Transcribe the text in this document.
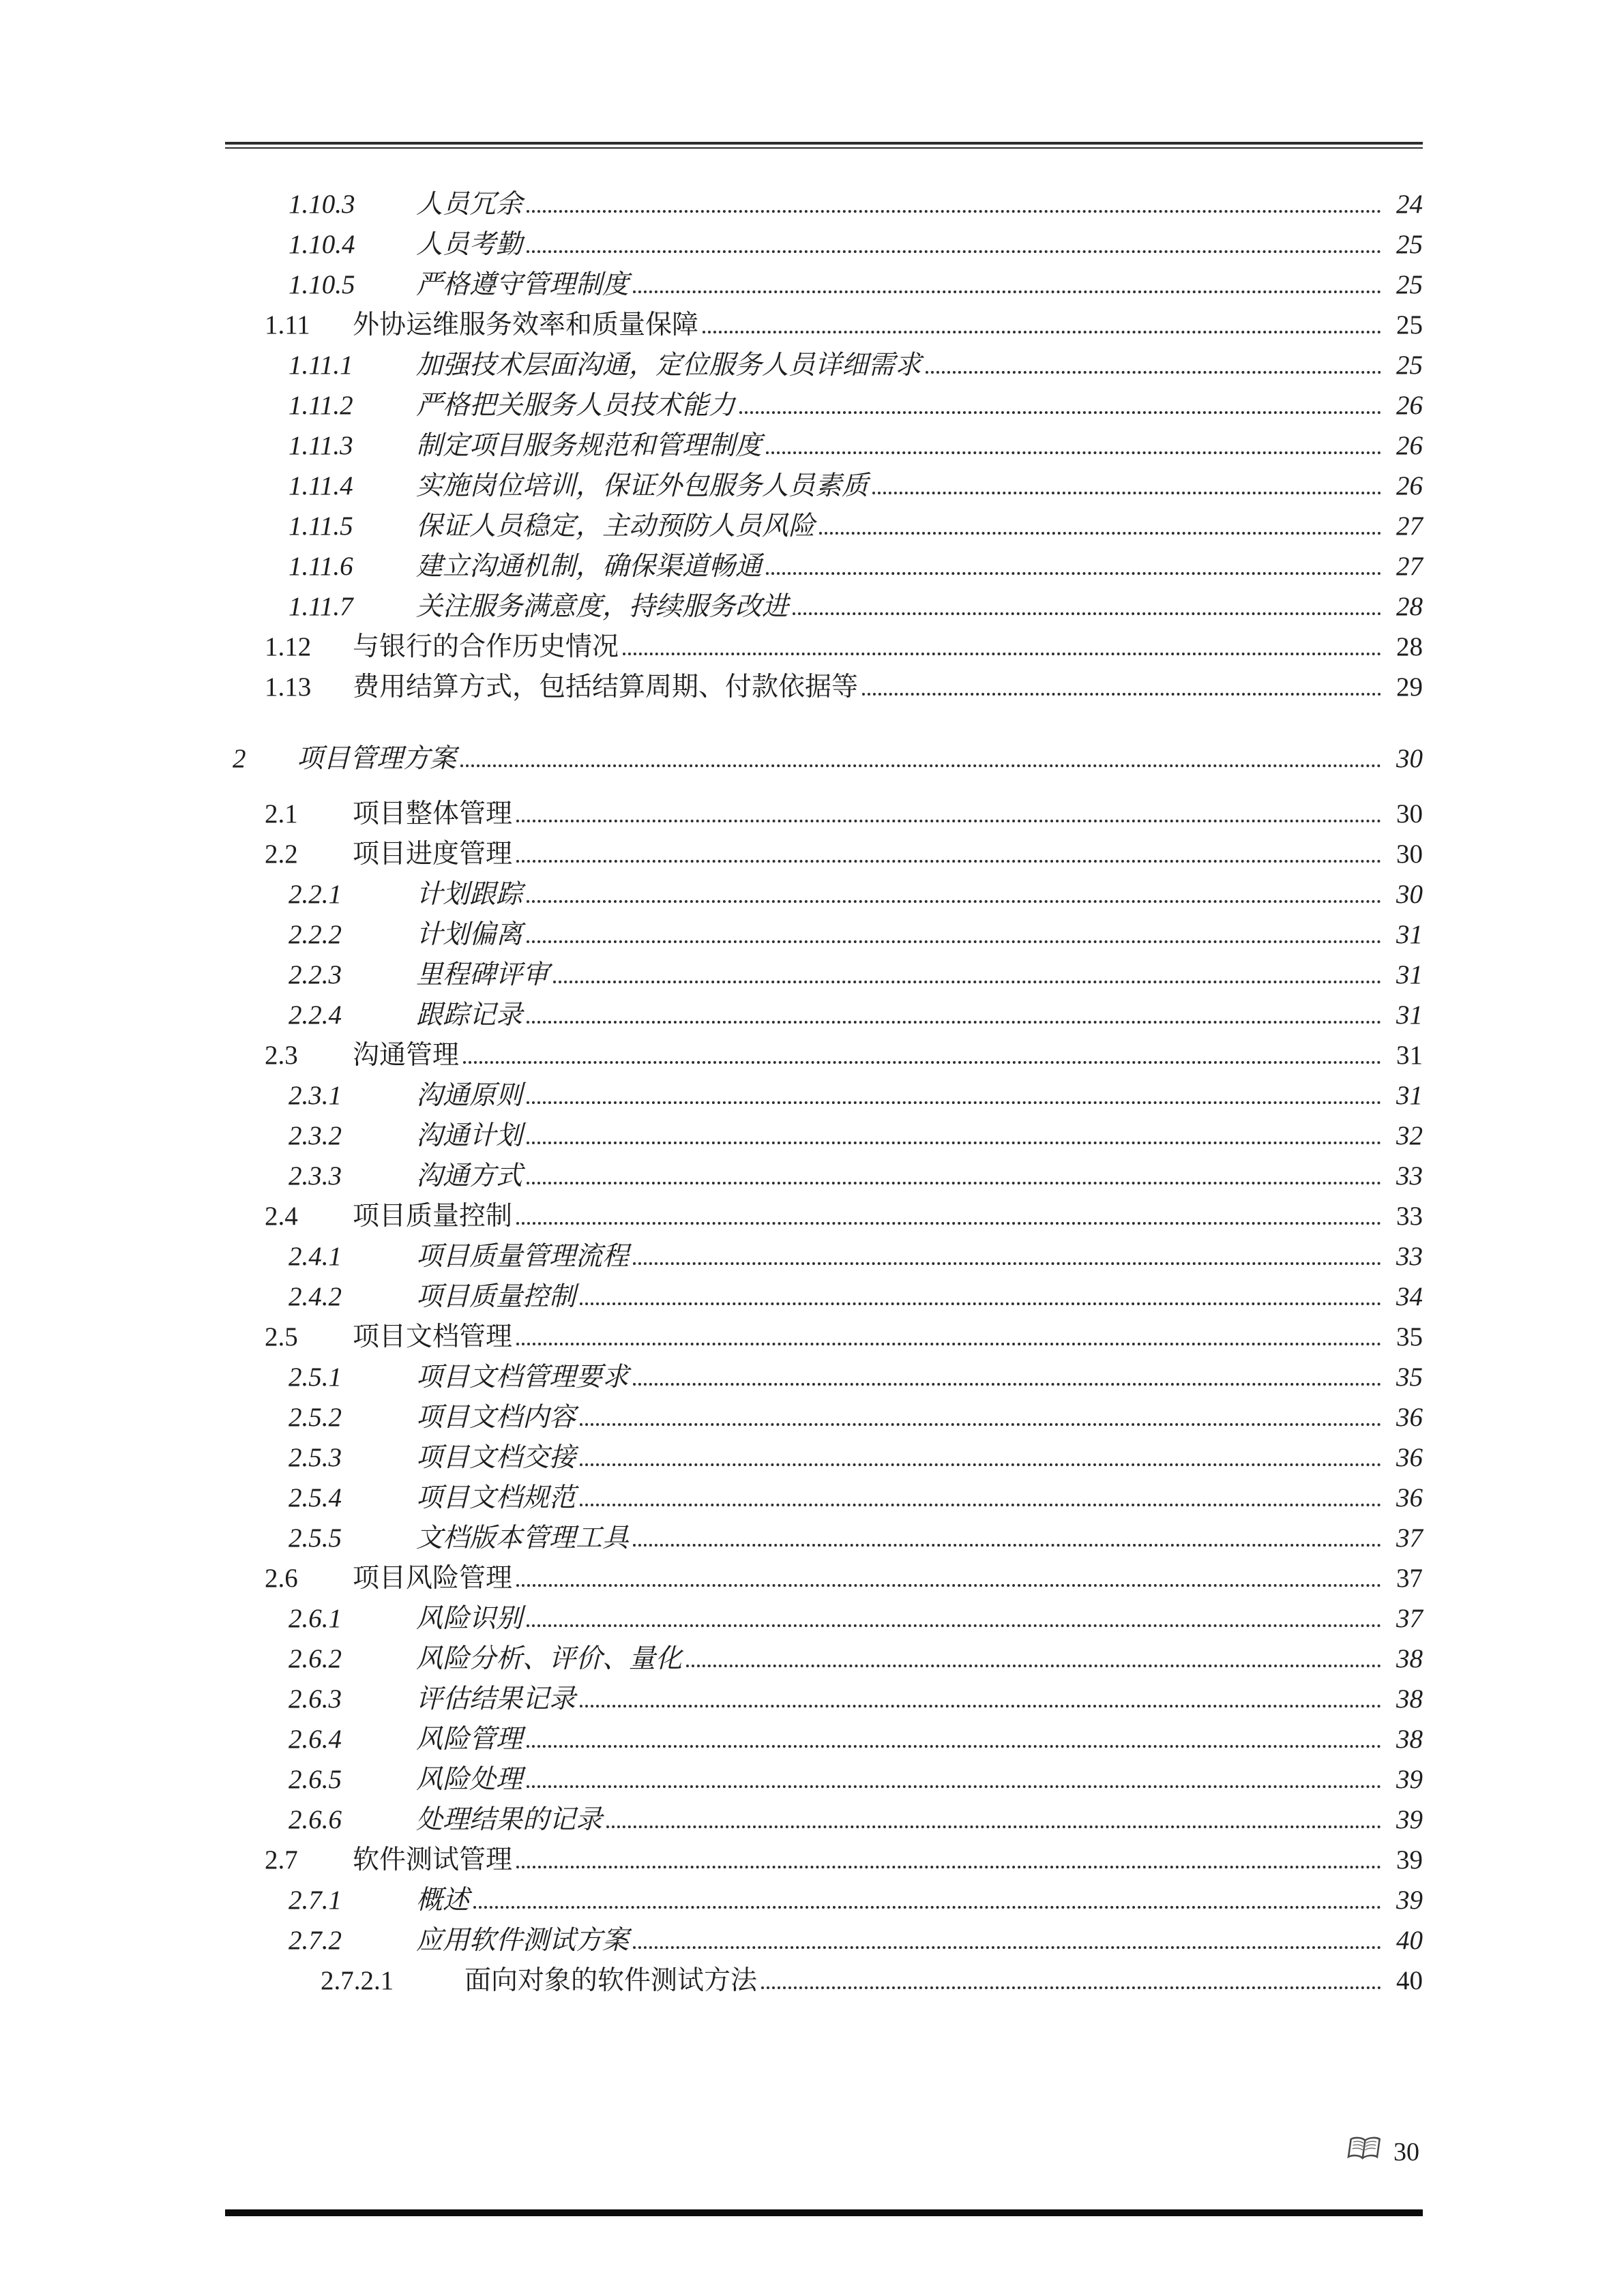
1.10.3	人员冗余	24
1.10.4	人员考勤	25
1.10.5	严格遵守管理制度	25
1.11	外协运维服务效率和质量保障	25
1.11.1	加强技术层面沟通，定位服务人员详细需求	25
1.11.2	严格把关服务人员技术能力	26
1.11.3	制定项目服务规范和管理制度	26
1.11.4	实施岗位培训，保证外包服务人员素质	26
1.11.5	保证人员稳定，主动预防人员风险	27
1.11.6	建立沟通机制，确保渠道畅通	27
1.11.7	关注服务满意度，持续服务改进	28
1.12	与银行的合作历史情况	28
1.13	费用结算方式，包括结算周期、付款依据等	29
2	项目管理方案	30
2.1	项目整体管理	30
2.2	项目进度管理	30
2.2.1	计划跟踪	30
2.2.2	计划偏离	31
2.2.3	里程碑评审	31
2.2.4	跟踪记录	31
2.3	沟通管理	31
2.3.1	沟通原则	31
2.3.2	沟通计划	32
2.3.3	沟通方式	33
2.4	项目质量控制	33
2.4.1	项目质量管理流程	33
2.4.2	项目质量控制	34
2.5	项目文档管理	35
2.5.1	项目文档管理要求	35
2.5.2	项目文档内容	36
2.5.3	项目文档交接	36
2.5.4	项目文档规范	36
2.5.5	文档版本管理工具	37
2.6	项目风险管理	37
2.6.1	风险识别	37
2.6.2	风险分析、评价、量化	38
2.6.3	评估结果记录	38
2.6.4	风险管理	38
2.6.5	风险处理	39
2.6.6	处理结果的记录	39
2.7	软件测试管理	39
2.7.1	概述	39
2.7.2	应用软件测试方案	40
2.7.2.1	面向对象的软件测试方法	40
30
